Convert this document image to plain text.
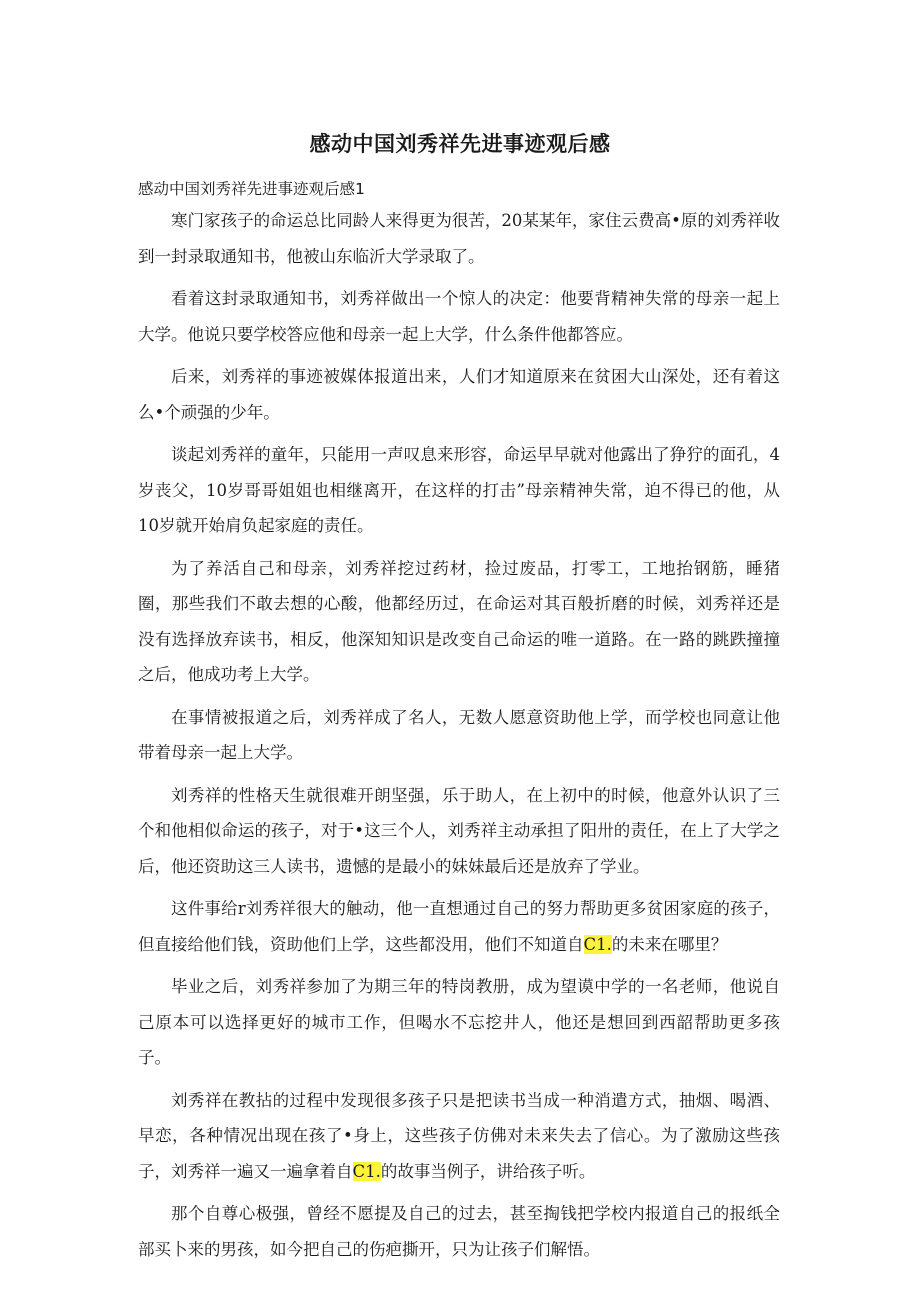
感动中国刘秀祥先进事迹观后感

感动中国刘秀祥先进事迹观后感1

寒门家孩子的命运总比同龄人来得更为很苦，20某某年，家住云费高•原的刘秀祥收到一封录取通知书，他被山东临沂大学录取了。

看着这封录取通知书，刘秀祥做出一个惊人的决定：他要背精神失常的母亲一起上大学。他说只要学校答应他和母亲一起上大学，什么条件他都答应。

后来，刘秀祥的事迹被媒体报道出来，人们才知道原来在贫困大山深处，还有着这么•个顽强的少年。

谈起刘秀祥的童年，只能用一声叹息来形容，命运早早就对他露出了狰狞的面孔，4岁丧父，10岁哥哥姐姐也相继离开，在这样的打击”母亲精神失常，迫不得已的他，从10岁就开始肩负起家庭的责任。

为了养活自己和母亲，刘秀祥挖过药材，捡过废品，打零工，工地抬钢筋，睡猪圈，那些我们不敢去想的心酸，他都经历过，在命运对其百般折磨的时候，刘秀祥还是没有选择放弃读书，相反，他深知知识是改变自己命运的唯一道路。在一路的跳跌撞撞之后，他成功考上大学。

在事情被报道之后，刘秀祥成了名人，无数人愿意资助他上学，而学校也同意让他带着母亲一起上大学。

刘秀祥的性格天生就很难开朗坚强，乐于助人，在上初中的时候，他意外认识了三个和他相似命运的孩子，对于•这三个人，刘秀祥主动承担了阳卅的责任，在上了大学之后，他还资助这三人读书，遗憾的是最小的妹妹最后还是放弃了学业。

这件事给r刘秀祥很大的触动，他一直想通过自己的努力帮助更多贫困家庭的孩子，但直接给他们钱，资助他们上学，这些都没用，他们不知道自C1.的未来在哪里？

毕业之后，刘秀祥参加了为期三年的特岗教册，成为望谟中学的一名老师，他说自己原本可以选择更好的城市工作，但喝水不忘挖井人，他还是想回到西韶帮助更多孩子。

刘秀祥在教拈的过程中发现很多孩子只是把读书当成一种消遣方式，抽烟、喝酒、早恋，各种情况出现在孩了•身上，这些孩子仿佛对未来失去了信心。为了激励这些孩子，刘秀祥一遍又一遍拿着自C1.的故事当例子，讲给孩子听。

那个自尊心极强，曾经不愿提及自己的过去，甚至掏钱把学校内报道自己的报纸全部买卜来的男孩，如今把自己的伤疤撕开，只为让孩子们解悟。
